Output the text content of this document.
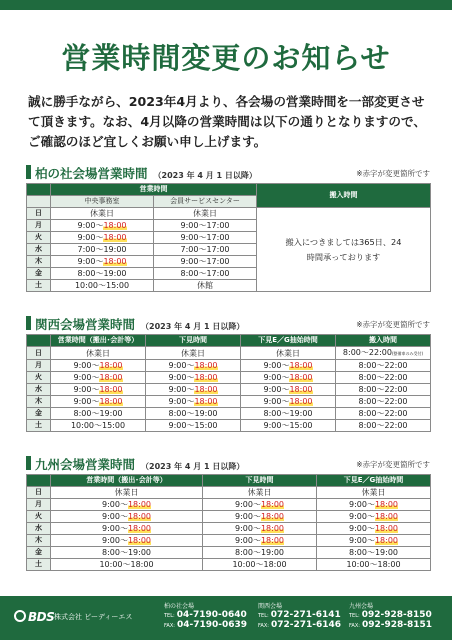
営業時間変更のお知らせ
誠に勝手ながら、2023年4月より、各会場の営業時間を一部変更させて頂きます。なお、4月以降の営業時間は以下の通りとなりますので、ご確認のほど宜しくお願い申し上げます。
柏の社会場営業時間 （2023 年 4 月 1 日以降）	※赤字が変更箇所です
	営業時間		搬入時間
	中央事務室	会員サービスセンター	
日	休業日	休業日	搬入につきましては365日、24時間承っております
月	9:00～18:00	9:00～17:00	
火	9:00～18:00	9:00～17:00	
水	7:00～19:00	7:00～17:00	
木	9:00～18:00	9:00～17:00	
金	8:00～19:00	8:00～17:00	
土	10:00～15:00	休館	
関西会場営業時間 （2023 年 4 月 1 日以降）	※赤字が変更箇所です
	営業時間（搬出･会計等）	下見時間	下見E／G抽始時間	搬入時間
日	休業日	休業日	休業日	8:00～22:00(整備車のみ受付)
月	9:00～18:00	9:00～18:00	9:00～18:00	8:00～22:00
火	9:00～18:00	9:00～18:00	9:00～18:00	8:00～22:00
水	9:00～18:00	9:00～18:00	9:00～18:00	8:00～22:00
木	9:00～18:00	9:00～18:00	9:00～18:00	8:00～22:00
金	8:00～19:00	8:00～19:00	8:00～19:00	8:00～22:00
土	10:00～15:00	9:00～15:00	9:00～15:00	8:00～22:00
九州会場営業時間 （2023 年 4 月 1 日以降）	※赤字が変更箇所です
	営業時間（搬出･会計等）	下見時間	下見E／G抽始時間
日	休業日	休業日	休業日
月	9:00～18:00	9:00～18:00	9:00～18:00
火	9:00～18:00	9:00～18:00	9:00～18:00
水	9:00～18:00	9:00～18:00	9:00～18:00
木	9:00～18:00	9:00～18:00	9:00～18:00
金	8:00～19:00	8:00～19:00	8:00～19:00
土	10:00～18:00	10:00～18:00	10:00～18:00
BDS 株式会社 ビーディーエス
柏の社会場
TEL: 04-7190-0640
FAX: 04-7190-0639
関西会場
TEL: 072-271-6141
FAX: 072-271-6146
九州会場
TEL: 092-928-8150
FAX: 092-928-8151
